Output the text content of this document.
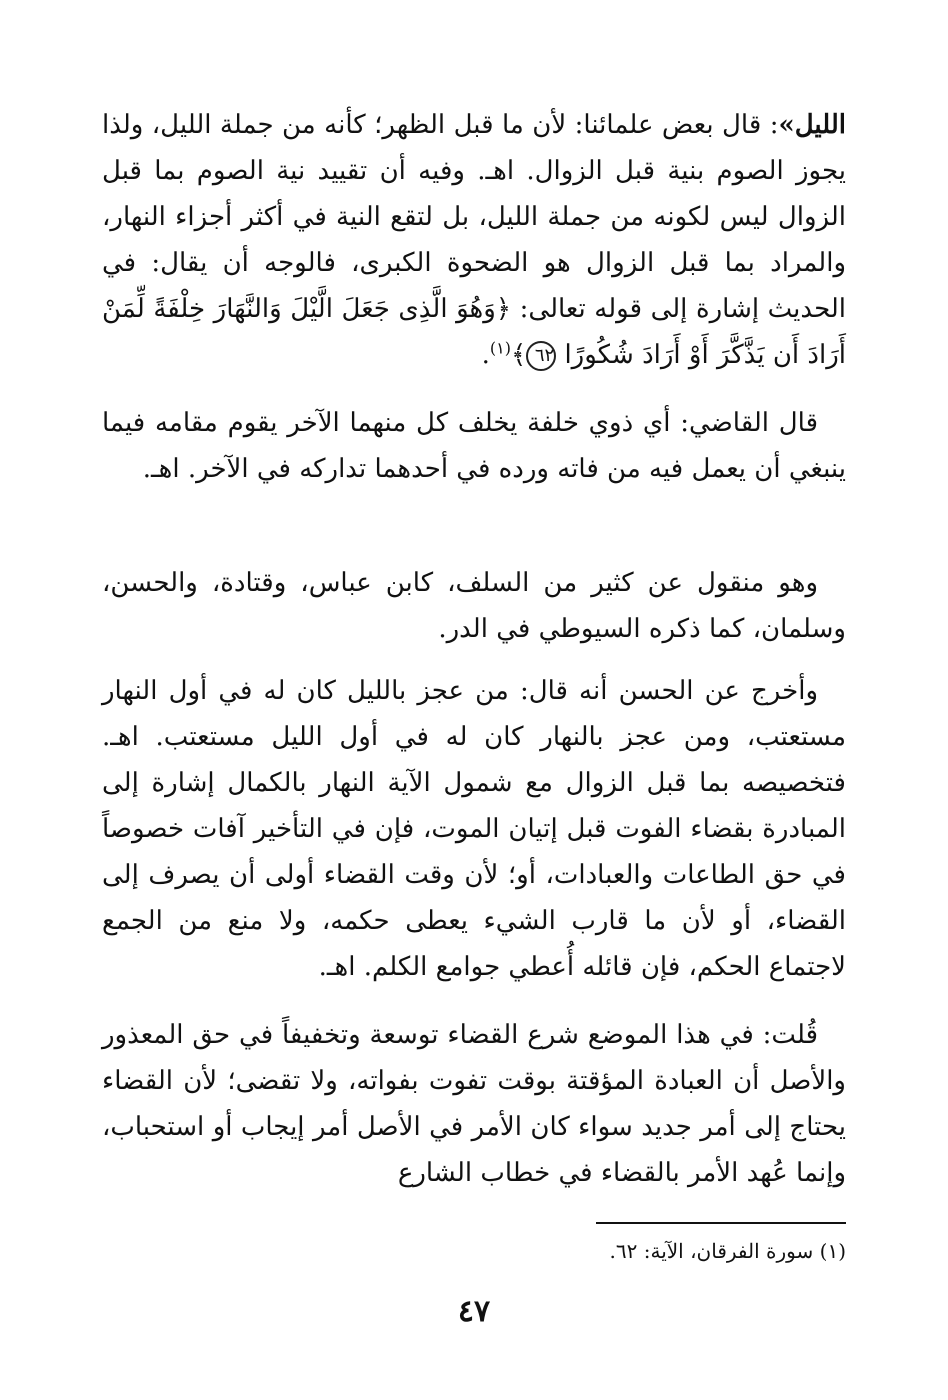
الليل»: قال بعض علمائنا: لأن ما قبل الظهر؛ كأنه من جملة الليل، ولذا يجوز الصوم بنية قبل الزوال. اهـ. وفيه أن تقييد نية الصوم بما قبل الزوال ليس لكونه من جملة الليل، بل لتقع النية في أكثر أجزاء النهار، والمراد بما قبل الزوال هو الضحوة الكبرى، فالوجه أن يقال: في الحديث إشارة إلى قوله تعالى: ﴿وَهُوَ الَّذِى جَعَلَ الَّيْلَ وَالنَّهَارَ خِلْفَةً لِّمَنْ أَرَادَ أَن يَذَّكَّرَ أَوْ أَرَادَ شُكُورًا ٦٢﴾$^{(١)}$.

قال القاضي: أي ذوي خلفة يخلف كل منهما الآخر يقوم مقامه فيما ينبغي أن يعمل فيه من فاته ورده في أحدهما تداركه في الآخر. اهـ.

وهو منقول عن كثير من السلف، كابن عباس، وقتادة، والحسن، وسلمان، كما ذكره السيوطي في الدر.

وأخرج عن الحسن أنه قال: من عجز بالليل كان له في أول النهار مستعتب، ومن عجز بالنهار كان له في أول الليل مستعتب. اهـ. فتخصيصه بما قبل الزوال مع شمول الآية النهار بالكمال إشارة إلى المبادرة بقضاء الفوت قبل إتيان الموت، فإن في التأخير آفات خصوصاً في حق الطاعات والعبادات، أو؛ لأن وقت القضاء أولى أن يصرف إلى القضاء، أو لأن ما قارب الشيء يعطى حكمه، ولا منع من الجمع لاجتماع الحكم، فإن قائله أُعطي جوامع الكلم. اهـ.

قُلت: في هذا الموضع شرع القضاء توسعة وتخفيفاً في حق المعذور والأصل أن العبادة المؤقتة بوقت تفوت بفواته، ولا تقضى؛ لأن القضاء يحتاج إلى أمر جديد سواء كان الأمر في الأصل أمر إيجاب أو استحباب، وإنما عُهد الأمر بالقضاء في خطاب الشارع

(١) سورة الفرقان، الآية: ٦٢.

٤٧
